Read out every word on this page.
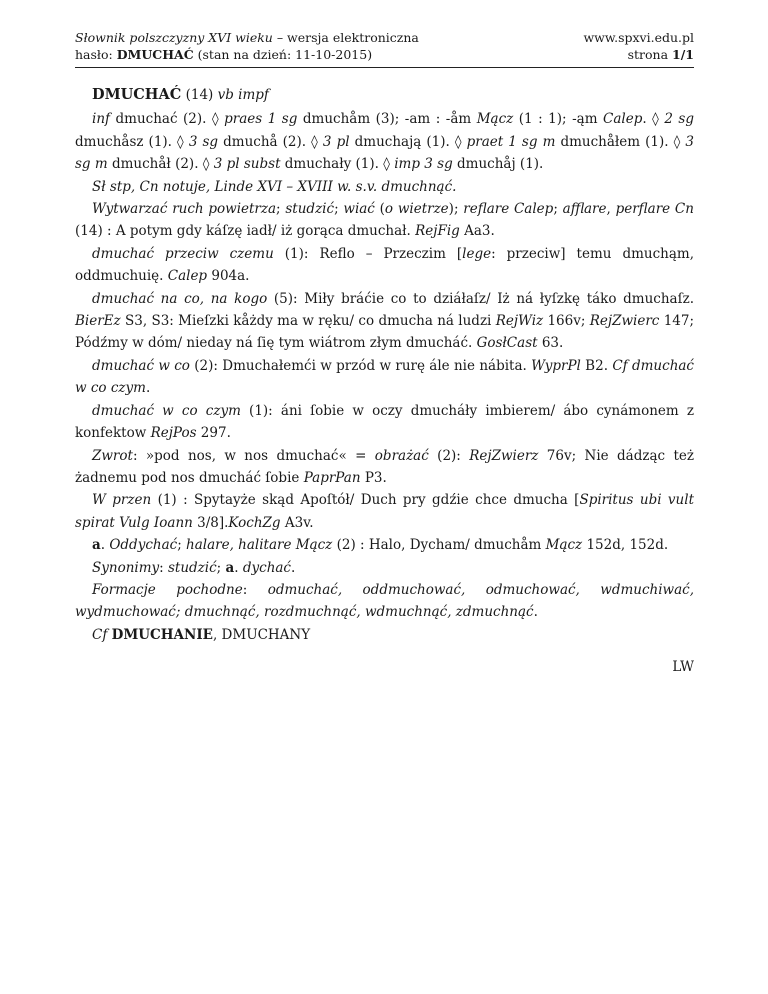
Słownik polszczyzny XVI wieku – wersja elektroniczna
hasło: DMUCHAĆ (stan na dzień: 11-10-2015)
www.spxvi.edu.pl
strona 1/1

DMUCHAĆ (14) vb impf

inf dmuchać (2). ◊ praes 1 sg dmuchåm (3); -am : -åm Mącz (1 : 1); -ąm Calep. ◊ 2 sg dmuchåsz (1). ◊ 3 sg dmuchå (2). ◊ 3 pl dmuchają (1). ◊ praet 1 sg m dmuchåłem (1). ◊ 3 sg m dmuchåł (2). ◊ 3 pl subst dmuchały (1). ◊ imp 3 sg dmuchåj (1).

Sł stp, Cn notuje, Linde XVI – XVIII w. s.v. dmuchnąć.

Wytwarzać ruch powietrza; studzić; wiać (o wietrze); reflare Calep; afflare, perflare Cn (14) : A potym gdy káſzę iadł/ iż gorąca dmuchał. RejFig Aa3.

dmuchać przeciw czemu (1): Reflo – Przeczim [lege: przeciw] temu dmuchąm, oddmuchuię. Calep 904a.

dmuchać na co, na kogo (5): Miły bráćie co to dziáłaſz/ Iż ná łyſzkę táko dmuchaſz. BierEz S3, S3: Mieſzki kåżdy ma w ręku/ co dmucha ná ludzi RejWiz 166v; RejZwierc 147; Pódźmy w dóm/ nieday ná ſię tym wiátrom złym dmucháć. GosłCast 63.

dmuchać w co (2): Dmuchałemći w przód w rurę ále nie nábita. WyprPl B2. Cf dmuchać w co czym.

dmuchać w co czym (1): áni ſobie w oczy dmucháły imbierem/ ábo cynámonem z konfektow RejPos 297.

Zwrot: »pod nos, w nos dmuchać« = obrażać (2): RejZwierz 76v; Nie dádząc też żadnemu pod nos dmucháć ſobie PaprPan P3.

W przen (1) : Spytayże skąd Apoſtół/ Duch pry gdźie chce dmucha [Spiritus ubi vult spirat Vulg Ioann 3/8].KochZg A3v.

a. Oddychać; halare, halitare Mącz (2) : Halo, Dycham/ dmuchåm Mącz 152d, 152d.

Synonimy: studzić; a. dychać.

Formacje pochodne: odmuchać, oddmuchować, odmuchować, wdmuchiwać, wydmuchować; dmuchnąć, rozdmuchnąć, wdmuchnąć, zdmuchnąć.

Cf DMUCHANIE, DMUCHANY

LW
